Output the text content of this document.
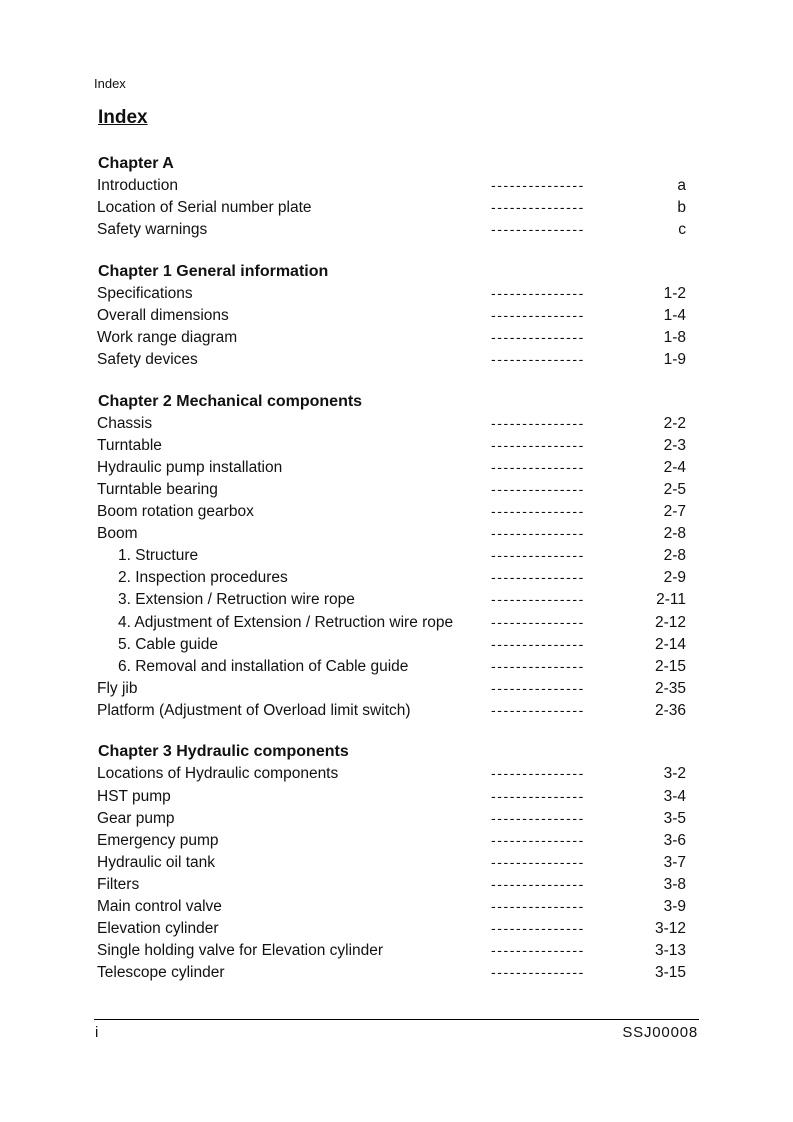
Index
Index
Chapter A
Introduction	---------------	a
Location of Serial number plate	---------------	b
Safety warnings	---------------	c
Chapter 1 General information
Specifications	---------------	1-2
Overall dimensions	---------------	1-4
Work range diagram	---------------	1-8
Safety devices	---------------	1-9
Chapter 2 Mechanical components
Chassis	---------------	2-2
Turntable	---------------	2-3
Hydraulic pump installation	---------------	2-4
Turntable bearing	---------------	2-5
Boom rotation gearbox	---------------	2-7
Boom	---------------	2-8
1. Structure	---------------	2-8
2. Inspection procedures	---------------	2-9
3. Extension / Retruction wire rope	---------------	2-11
4. Adjustment of Extension / Retruction wire rope	---------------	2-12
5. Cable guide	---------------	2-14
6. Removal and installation of Cable guide	---------------	2-15
Fly jib	---------------	2-35
Platform (Adjustment of Overload limit switch)	---------------	2-36
Chapter 3 Hydraulic components
Locations of Hydraulic components	---------------	3-2
HST pump	---------------	3-4
Gear pump	---------------	3-5
Emergency pump	---------------	3-6
Hydraulic oil tank	---------------	3-7
Filters	---------------	3-8
Main control valve	---------------	3-9
Elevation cylinder	---------------	3-12
Single holding valve for Elevation cylinder	---------------	3-13
Telescope cylinder	---------------	3-15
i	SSJ00008
